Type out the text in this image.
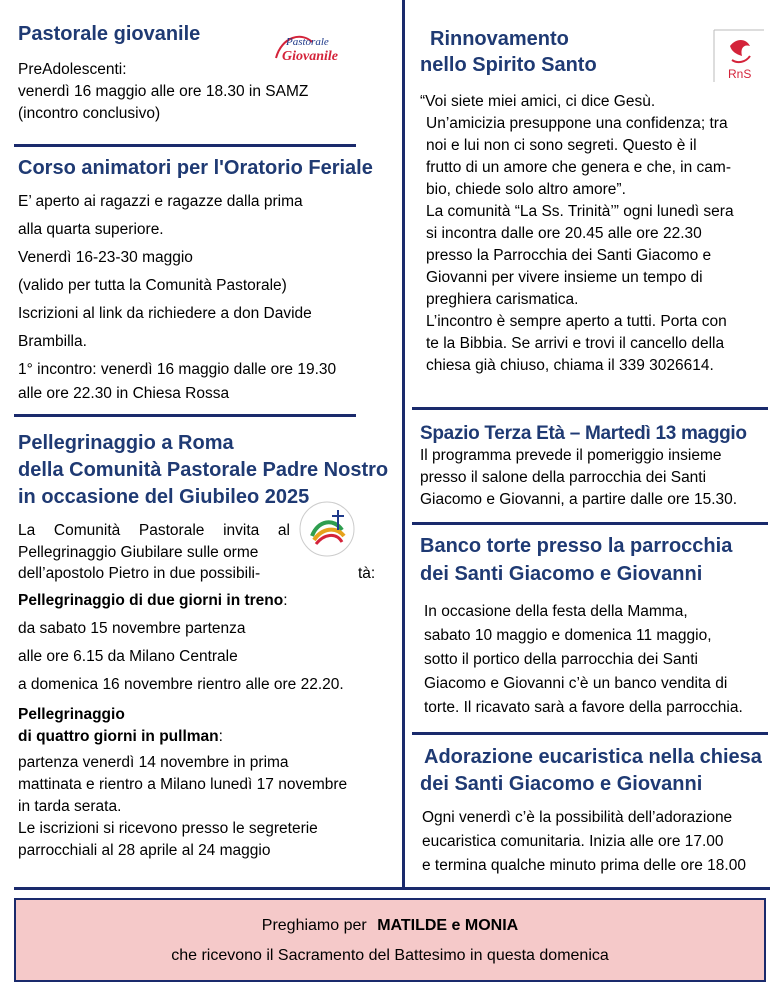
Pastorale giovanile

PreAdolescenti:

venerdì 16 maggio alle ore 18.30 in SAMZ

(incontro conclusivo)

Pastorale
Giovanile
Corso animatori per l'Oratorio Feriale

E’ aperto ai ragazzi e ragazze dalla prima

alla quarta superiore.

Venerdì 16-23-30 maggio

(valido per tutta la Comunità Pastorale)

Iscrizioni al link da richiedere a don Davide

Brambilla.

1° incontro: venerdì 16 maggio dalle ore 19.30

alle ore 22.30 in Chiesa Rossa

Pellegrinaggio a Roma
della Comunità Pastorale Padre Nostro
in occasione del Giubileo 2025

La Comunità Pastorale invita al

Pellegrinaggio Giubilare sulle orme

dell’apostolo Pietro in due possibili-	tà:

Pellegrinaggio di due giorni in treno:

da sabato 15 novembre partenza

alle ore 6.15 da Milano Centrale

a domenica 16 novembre rientro alle ore 22.20.

Pellegrinaggio

di quattro giorni in pullman:

partenza venerdì 14 novembre in prima

mattinata e rientro a Milano lunedì 17 novembre

in tarda serata.

Le iscrizioni si ricevono presso le segreterie

parrocchiali al 28 aprile al 24 maggio

Rinnovamento
nello Spirito Santo

“Voi siete miei amici, ci dice Gesù.

Un’amicizia presuppone una confidenza; tra

noi e lui non ci sono segreti. Questo è il

frutto di un amore che genera e che, in cam-

bio, chiede solo altro amore”.

La comunità “La Ss. Trinità’” ogni lunedì sera

si incontra dalle ore 20.45 alle ore 22.30

presso la Parrocchia dei Santi Giacomo e

Giovanni per vivere insieme un tempo di

preghiera carismatica.

L’incontro è sempre aperto a tutti. Porta con

te la Bibbia. Se arrivi e trovi il cancello della

chiesa già chiuso, chiama il 339 3026614.

RnS
Spazio Terza Età – Martedì 13 maggio

Il programma prevede il pomeriggio insieme

presso il salone della parrocchia dei Santi

Giacomo e Giovanni, a partire dalle ore 15.30.

Banco torte presso la parrocchia
dei Santi Giacomo e Giovanni

In occasione della festa della Mamma,

sabato 10 maggio e domenica 11 maggio,

sotto il portico della parrocchia dei Santi

Giacomo e Giovanni c’è un banco vendita di

torte. Il ricavato sarà a favore della parrocchia.

Adorazione eucaristica nella chiesa
dei Santi Giacomo e Giovanni

Ogni venerdì c’è la possibilità dell’adorazione

eucaristica comunitaria. Inizia alle ore 17.00

e termina qualche minuto prima delle ore 18.00

Preghiamo per MATILDE e MONIA

che ricevono il Sacramento del Battesimo in questa domenica
